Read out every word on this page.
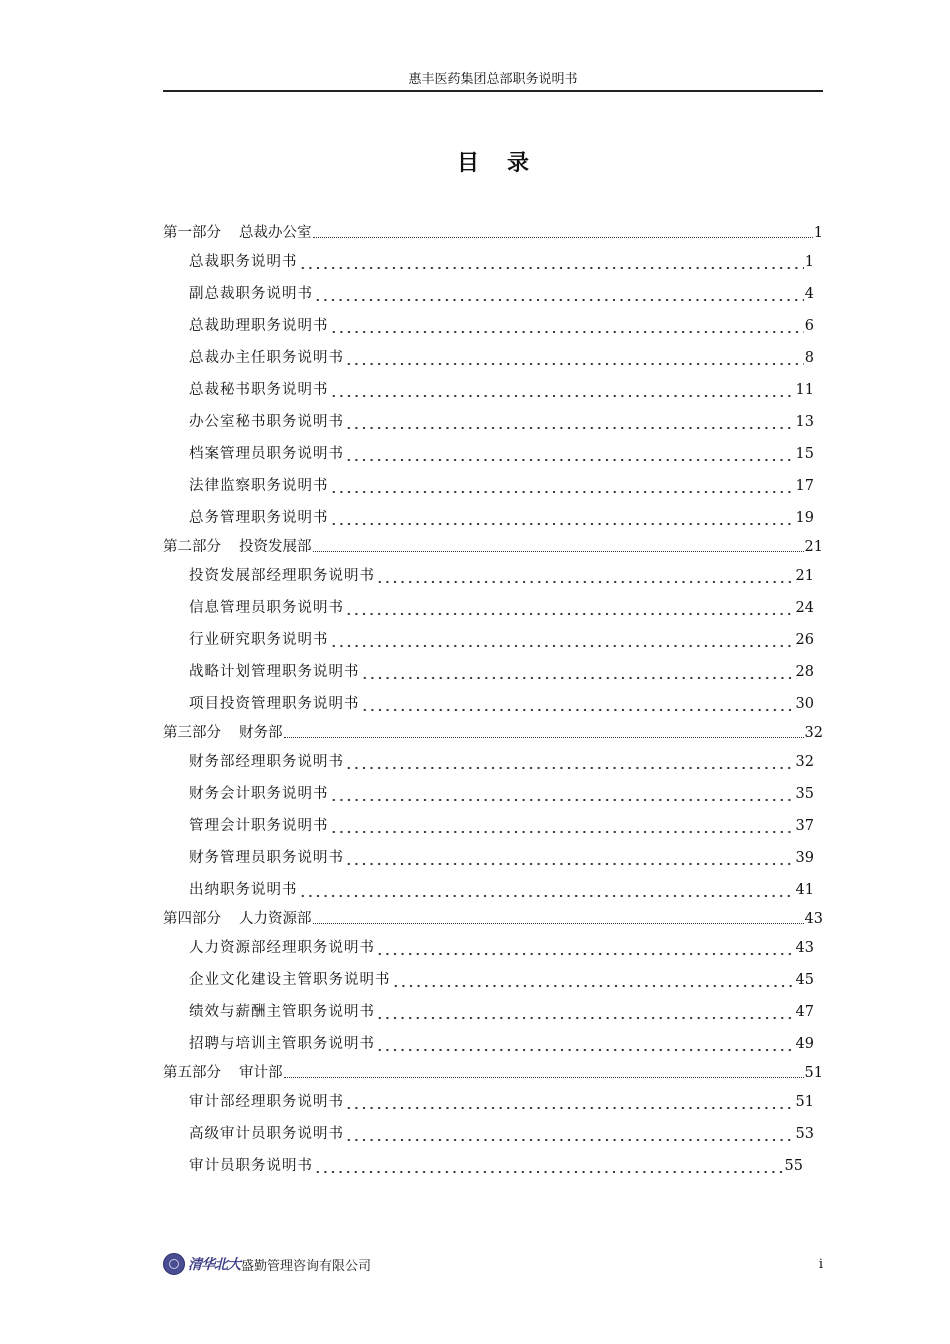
惠丰医药集团总部职务说明书
目录
第一部分 总裁办公室	1
总裁职务说明书	1
副总裁职务说明书	4
总裁助理职务说明书	6
总裁办主任职务说明书	8
总裁秘书职务说明书	11
办公室秘书职务说明书	13
档案管理员职务说明书	15
法律监察职务说明书	17
总务管理职务说明书	19
第二部分 投资发展部	21
投资发展部经理职务说明书	21
信息管理员职务说明书	24
行业研究职务说明书	26
战略计划管理职务说明书	28
项目投资管理职务说明书	30
第三部分 财务部	32
财务部经理职务说明书	32
财务会计职务说明书	35
管理会计职务说明书	37
财务管理员职务说明书	39
出纳职务说明书	41
第四部分 人力资源部	43
人力资源部经理职务说明书	43
企业文化建设主管职务说明书	45
绩效与薪酬主管职务说明书	47
招聘与培训主管职务说明书	49
第五部分 审计部	51
审计部经理职务说明书	51
高级审计员职务说明书	53
审计员职务说明书	55
清华北大 盛勤管理咨询有限公司	i
